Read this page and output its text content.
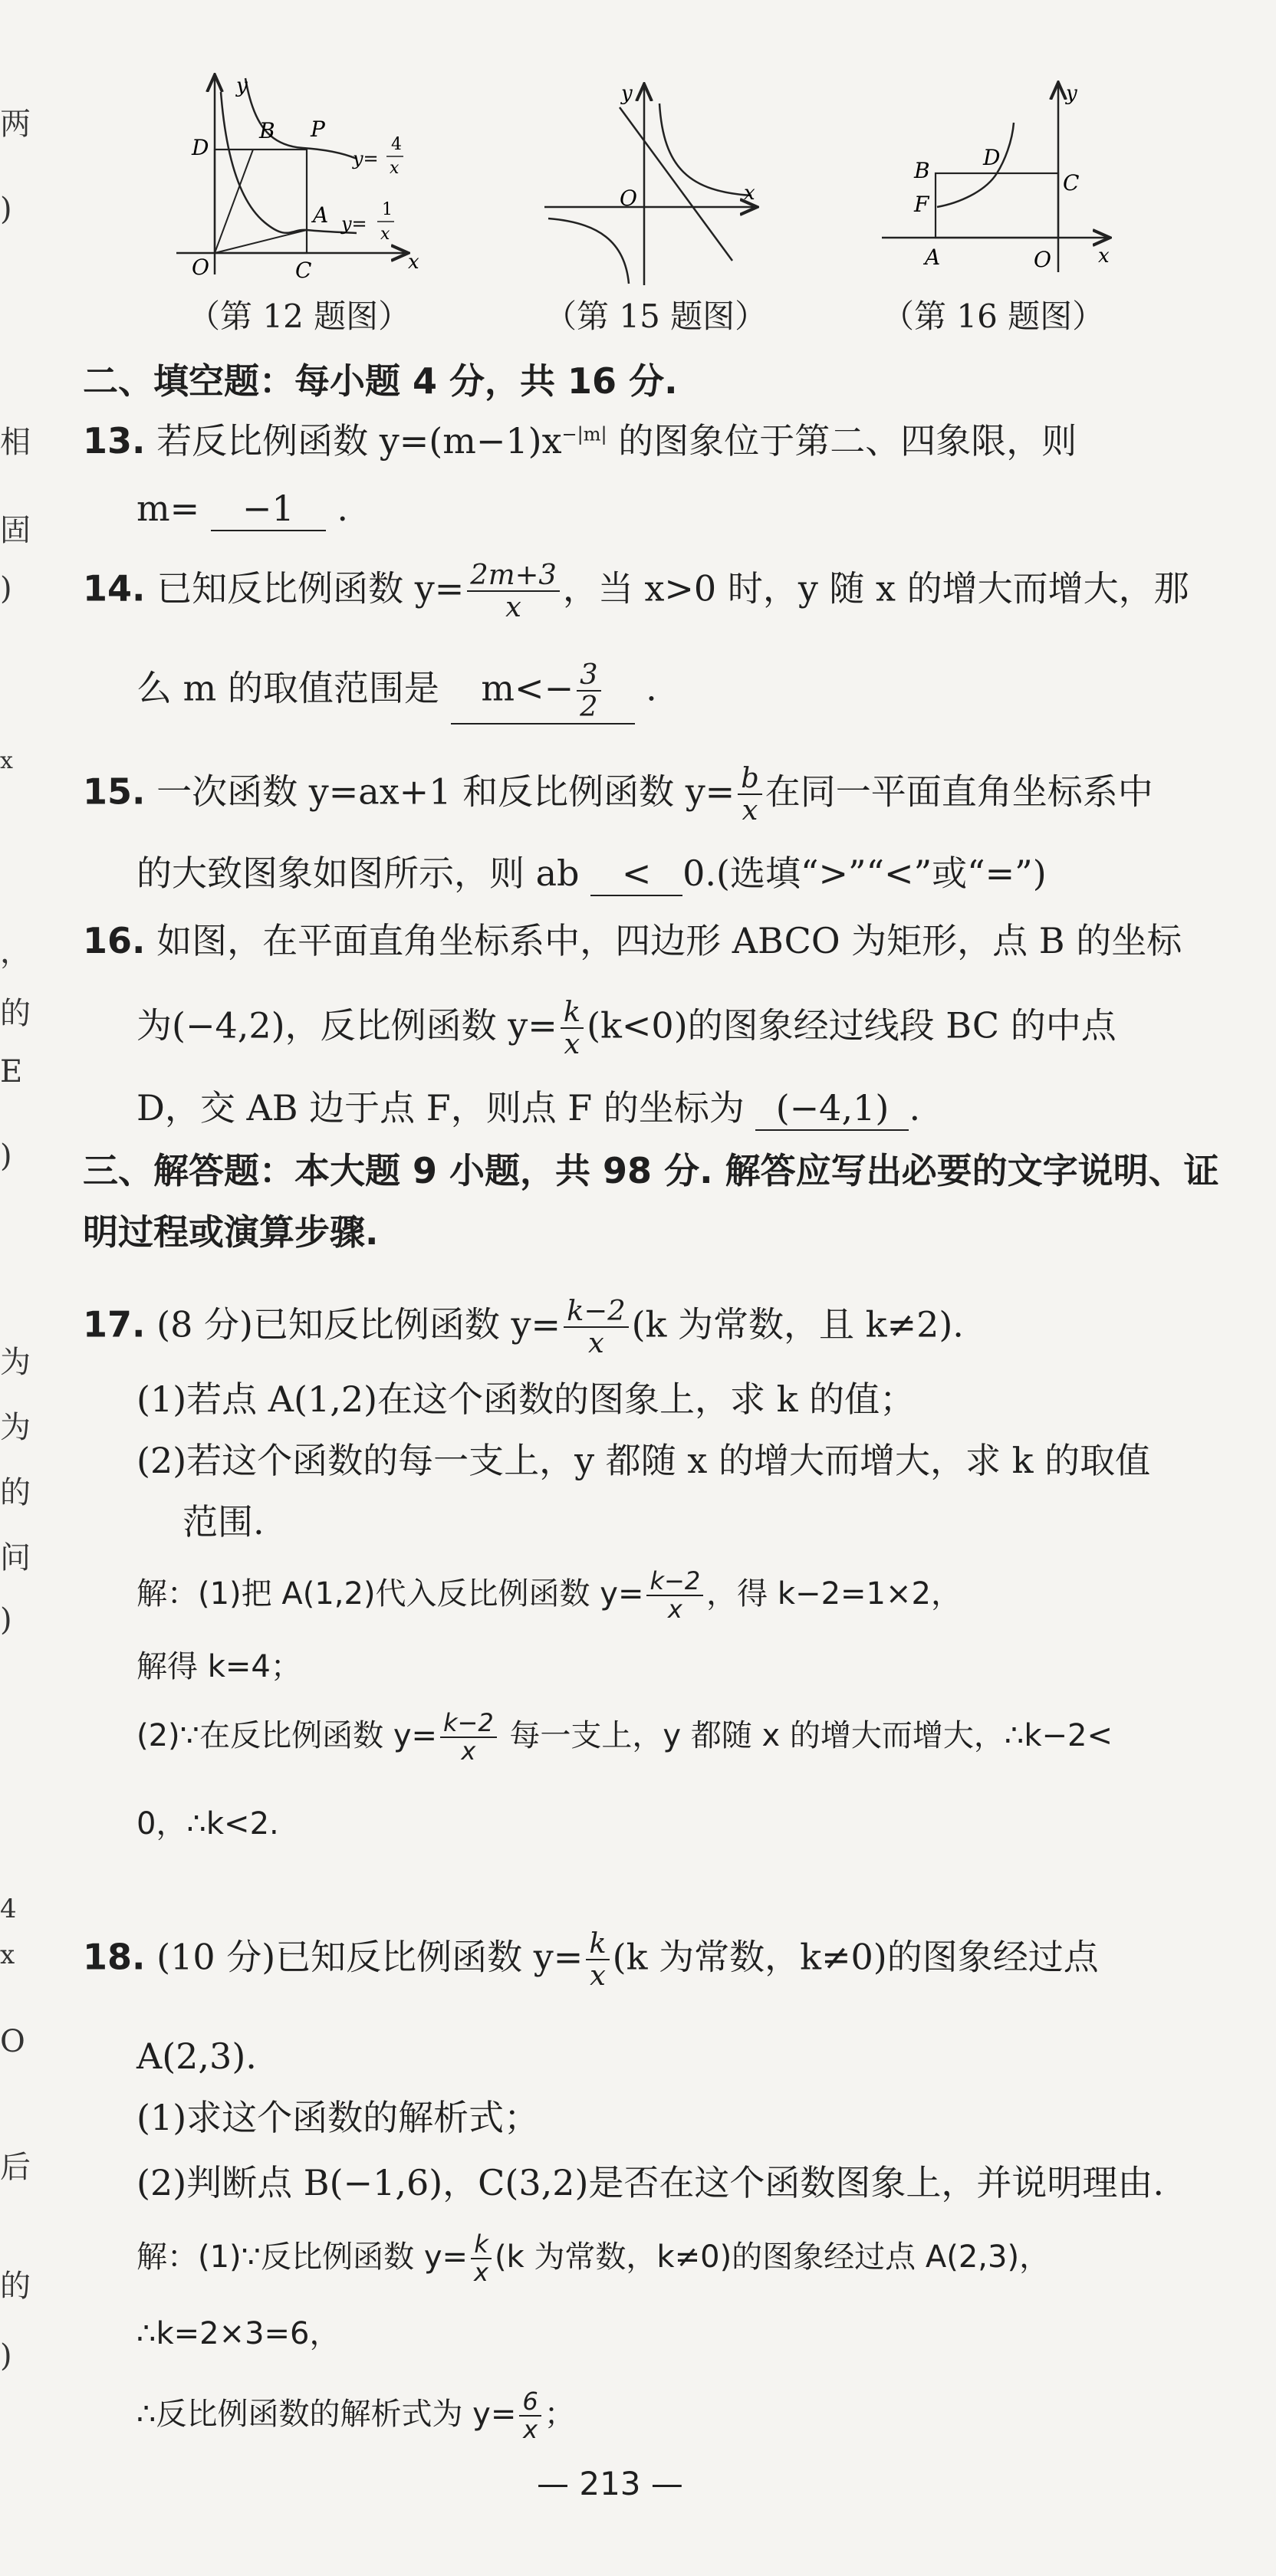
两
)
相
固
)
x
，
的
E
)
为
为
的
问
)
4
x
O
后
的
)
y
x
O
B P
D
A
C
y=
4
x
y=
1
x
（第 12 题图）
y
x
O
（第 15 题图）
y
x
O
B
D
C
F
A
（第 16 题图）
二、填空题：每小题 4 分，共 16 分.
13. 若反比例函数 $y=(m-1)x^{-|m|}$ 的图象位于第二、四象限，则
m= −1 .
14. 已知反比例函数 $y= \frac{2m+3}{x}$ ，当 x>0 时，y 随 x 的增大而增大，那
么 m 的取值范围是 $m<- \frac{3}{2}$ .
15. 一次函数 y=ax+1 和反比例函数 $y= \frac{b}{x}$ 在同一平面直角坐标系中
的大致图象如图所示，则 ab < 0.(选填“>”“<”或“=”)
16. 如图，在平面直角坐标系中，四边形 ABCO 为矩形，点 B 的坐标
为(−4,2)，反比例函数 $y= \frac{k}{x} (k<0)$的图象经过线段 BC 的中点
D，交 AB 边于点 F，则点 F 的坐标为 (−4,1) .
三、解答题：本大题 9 小题，共 98 分. 解答应写出必要的文字说明、证
明过程或演算步骤.
17. (8 分)已知反比例函数 $y= \frac{k-2}{x} (k$ 为常数，且 k≠2).
(1)若点 A(1,2)在这个函数的图象上，求 k 的值；
(2)若这个函数的每一支上，y 都随 x 的增大而增大，求 k 的取值
范围.
解：(1)把 A(1,2)代入反比例函数 $y= \frac{k-2}{x}$ ，得 k−2=1×2，
解得 k=4；
(2)∵在反比例函数 $y= \frac{k-2}{x}$ 每一支上，y 都随 x 的增大而增大，∴k−2<
0，∴k<2.
18. (10 分)已知反比例函数 $y= \frac{k}{x} (k$ 为常数，k≠0)的图象经过点
A(2,3).
(1)求这个函数的解析式；
(2)判断点 B(−1,6)，C(3,2)是否在这个函数图象上，并说明理由.
解：(1)∵反比例函数 $y= \frac{k}{x} (k$ 为常数，k≠0)的图象经过点 A(2,3)，
∴k=2×3=6，
∴反比例函数的解析式为 $y= \frac{6}{x}$ ；
— 213 —
